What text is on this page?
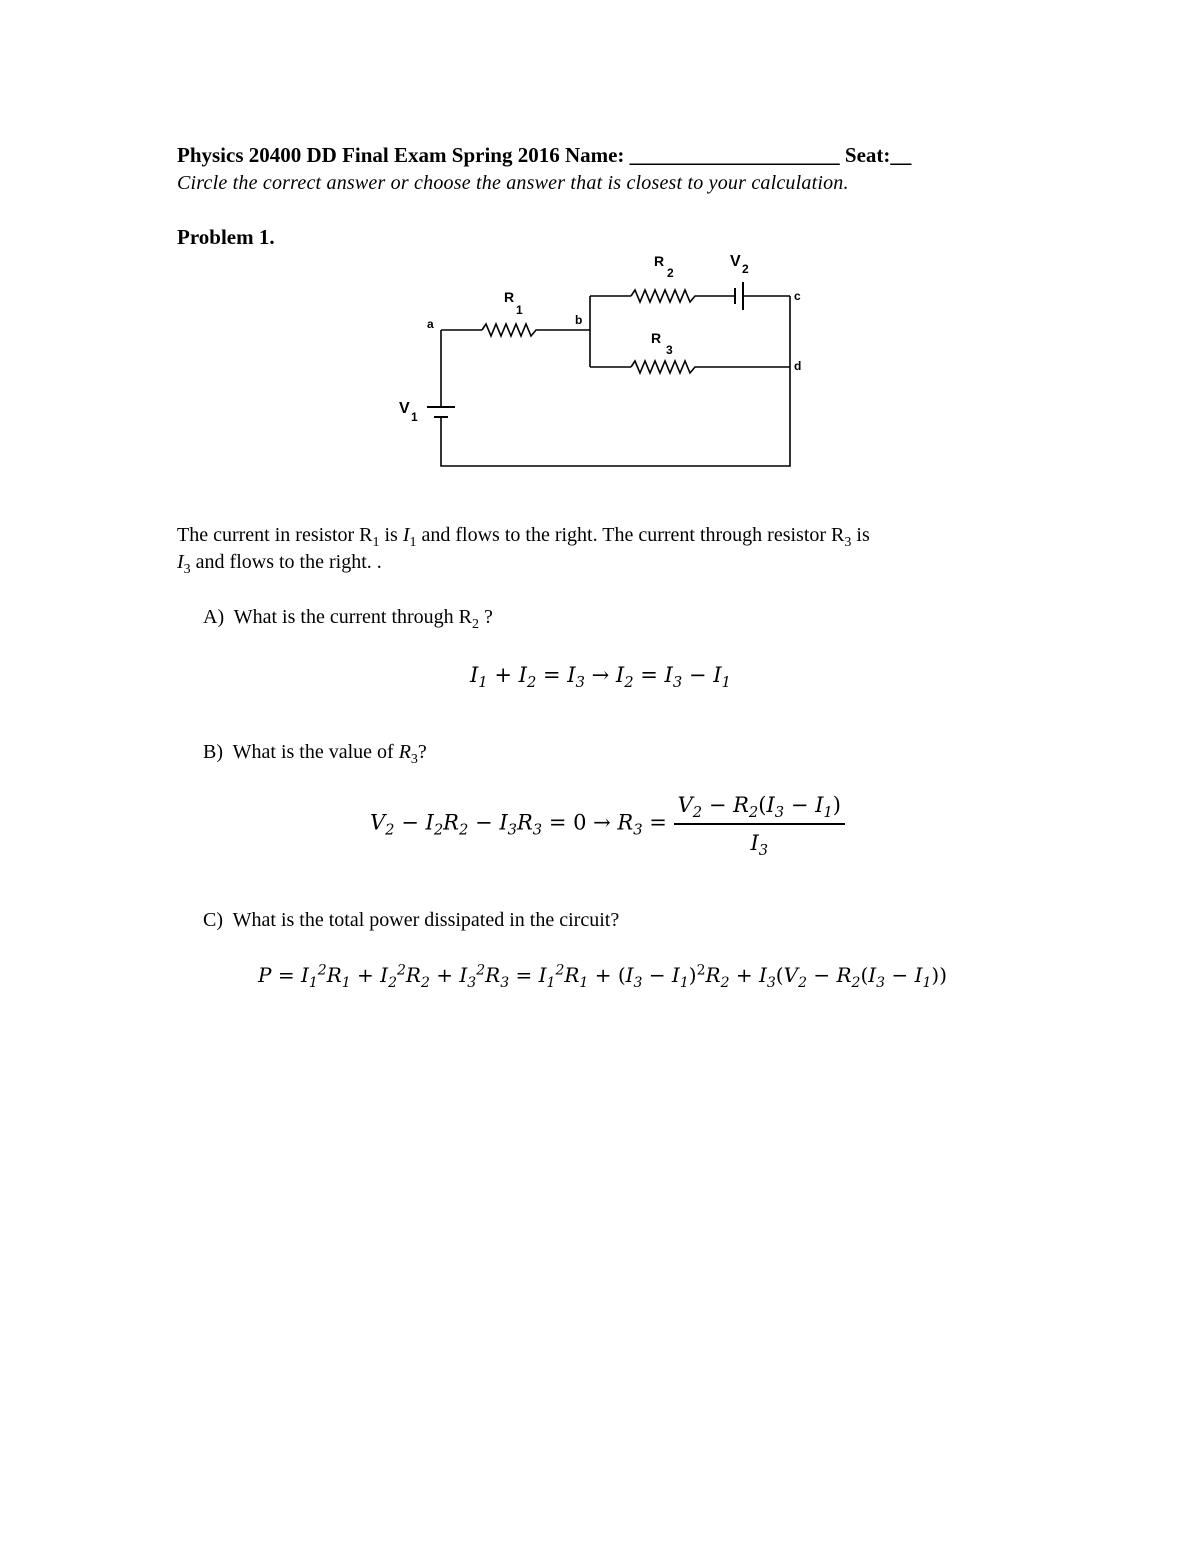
Physics 20400 DD Final Exam Spring 2016 Name: ____________________ Seat:__
Circle the correct answer or choose the answer that is closest to your calculation.
Problem 1.
a	b
c
d
R
1
R
2
R
3
V 1
V 2
The current in resistor $R_1$ is $I_1$ and flows to the right. The current through resistor $R_3$ is
$I_3$ and flows to the right. .
A) What is the current through $R_2$ ?
$I_1 + I_2 = I_3 \to I_2 = I_3 - I_1$
B) What is the value of $R_3$?
$V_2 - I_2R_2 - I_3R_3 = 0 \to R_3 = \frac{V_2 - R_2(I_3 - I_1)}{I_3}$
C) What is the total power dissipated in the circuit?
$P = I_1^2R_1 + I_2^2R_2 + I_3^2R_3 = I_1^2R_1 + (I_3 - I_1)^2R_2 + I_3(V_2 - R_2(I_3 - I_1))$
